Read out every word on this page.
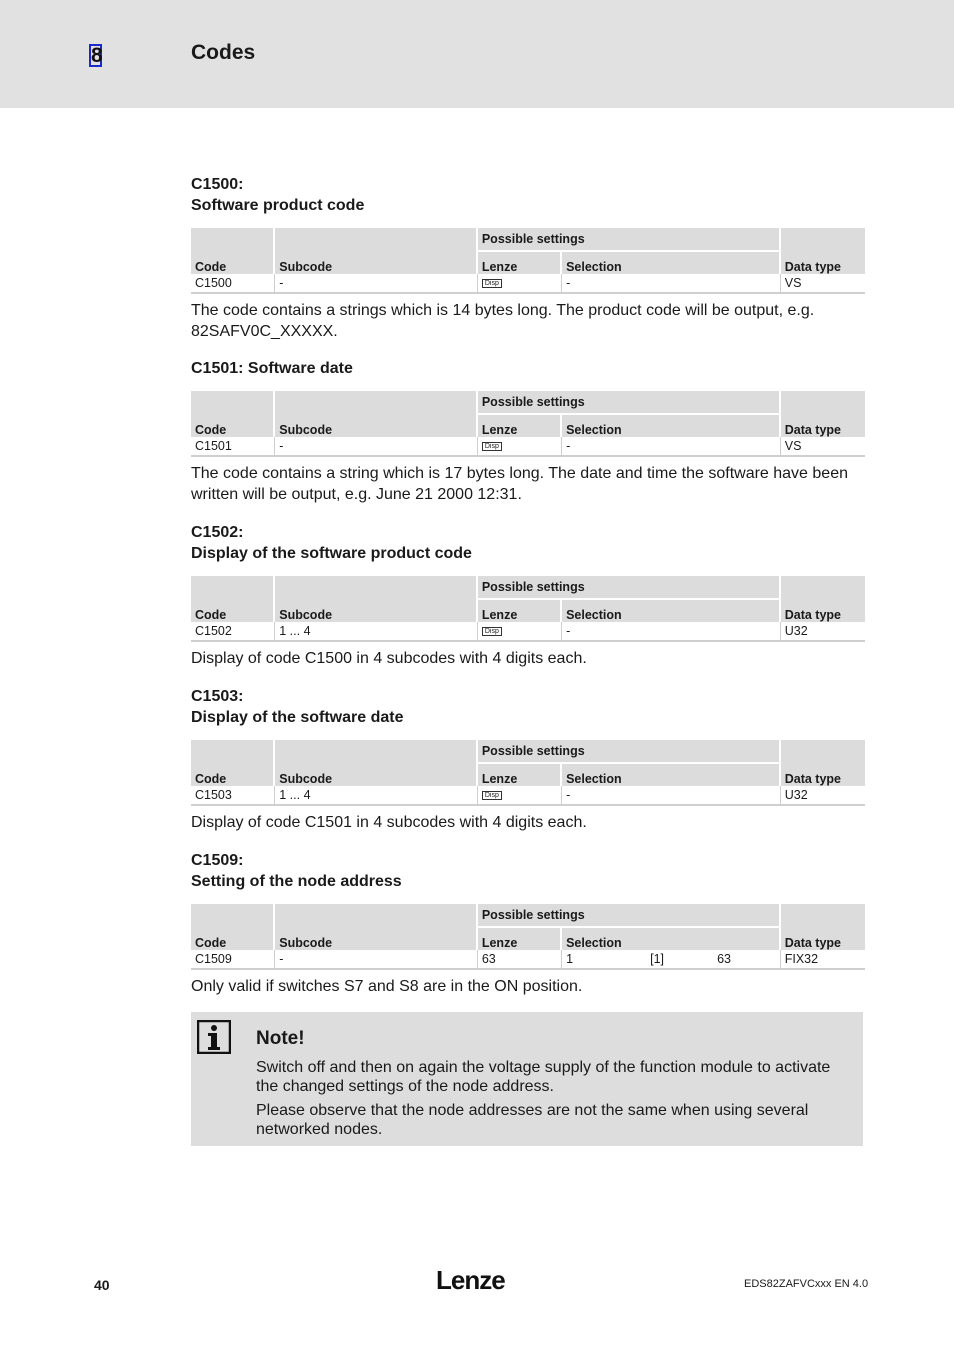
8	Codes

C1500:

Software product code

Code	Subcode	Possible settings		Data type
		Lenze	Selection	
C1500	-	Disp	-	VS
The code contains a strings which is 14 bytes long. The product code will be output, e.g. 82SAFV0C_XXXXX.

C1501: Software date

Code	Subcode	Possible settings		Data type
		Lenze	Selection	
C1501	-	Disp	-	VS
The code contains a string which is 17 bytes long. The date and time the software have been written will be output, e.g. June 21 2000 12:31.

C1502:

Display of the software product code

Code	Subcode	Possible settings		Data type
		Lenze	Selection	
C1502	1 ... 4	Disp	-	U32
Display of code C1500 in 4 subcodes with 4 digits each.

C1503:

Display of the software date

Code	Subcode	Possible settings		Data type
		Lenze	Selection	
C1503	1 ... 4	Disp	-	U32
Display of code C1501 in 4 subcodes with 4 digits each.

C1509:

Setting of the node address

Code	Subcode	Possible settings		Data type
		Lenze	Selection	
C1509	-	63	1 [1] 63	FIX32
Only valid if switches S7 and S8 are in the ON position.
Note!

Switch off and then on again the voltage supply of the function module to activate the changed settings of the node address.

Please observe that the node addresses are not the same when using several networked nodes.

40	Lenze	EDS82ZAFVCxxx EN 4.0
